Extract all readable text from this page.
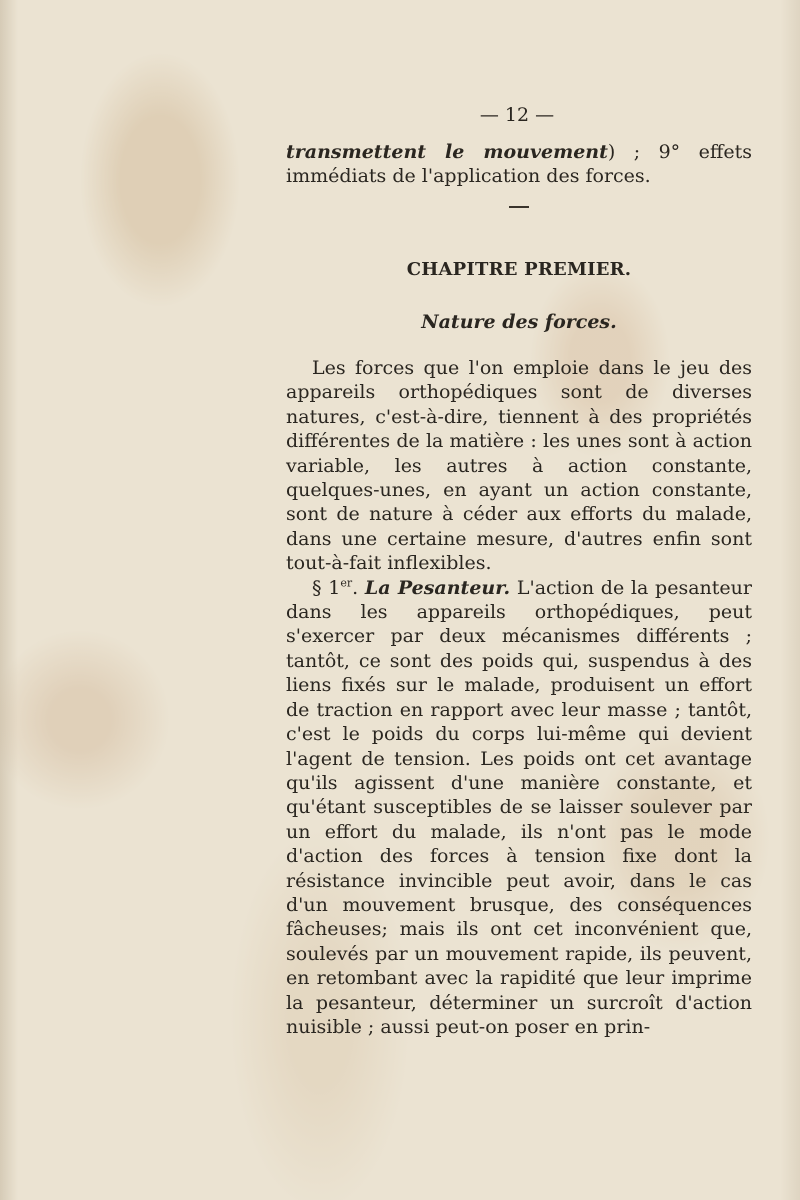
— 12 —
transmettent le mouvement) ; 9° effets immédiats de l'application des forces.
CHAPITRE PREMIER.
Nature des forces.

Les forces que l'on emploie dans le jeu des appareils orthopédiques sont de diverses natures, c'est-à-dire, tiennent à des propriétés différentes de la matière : les unes sont à action variable, les autres à action constante, quelques-unes, en ayant un action constante, sont de nature à céder aux efforts du malade, dans une certaine mesure, d'autres enfin sont tout-à-fait inflexibles.

§ 1er. La Pesanteur. L'action de la pesanteur dans les appareils orthopédiques, peut s'exercer par deux mécanismes différents ; tantôt, ce sont des poids qui, suspendus à des liens fixés sur le malade, produisent un effort de traction en rapport avec leur masse ; tantôt, c'est le poids du corps lui-même qui devient l'agent de tension. Les poids ont cet avantage qu'ils agissent d'une manière constante, et qu'étant susceptibles de se laisser soulever par un effort du malade, ils n'ont pas le mode d'action des forces à tension fixe dont la résistance invincible peut avoir, dans le cas d'un mouvement brusque, des conséquences fâcheuses; mais ils ont cet inconvénient que, soulevés par un mouvement rapide, ils peuvent, en retombant avec la rapidité que leur imprime la pesanteur, déterminer un surcroît d'action nuisible ; aussi peut-on poser en prin-
